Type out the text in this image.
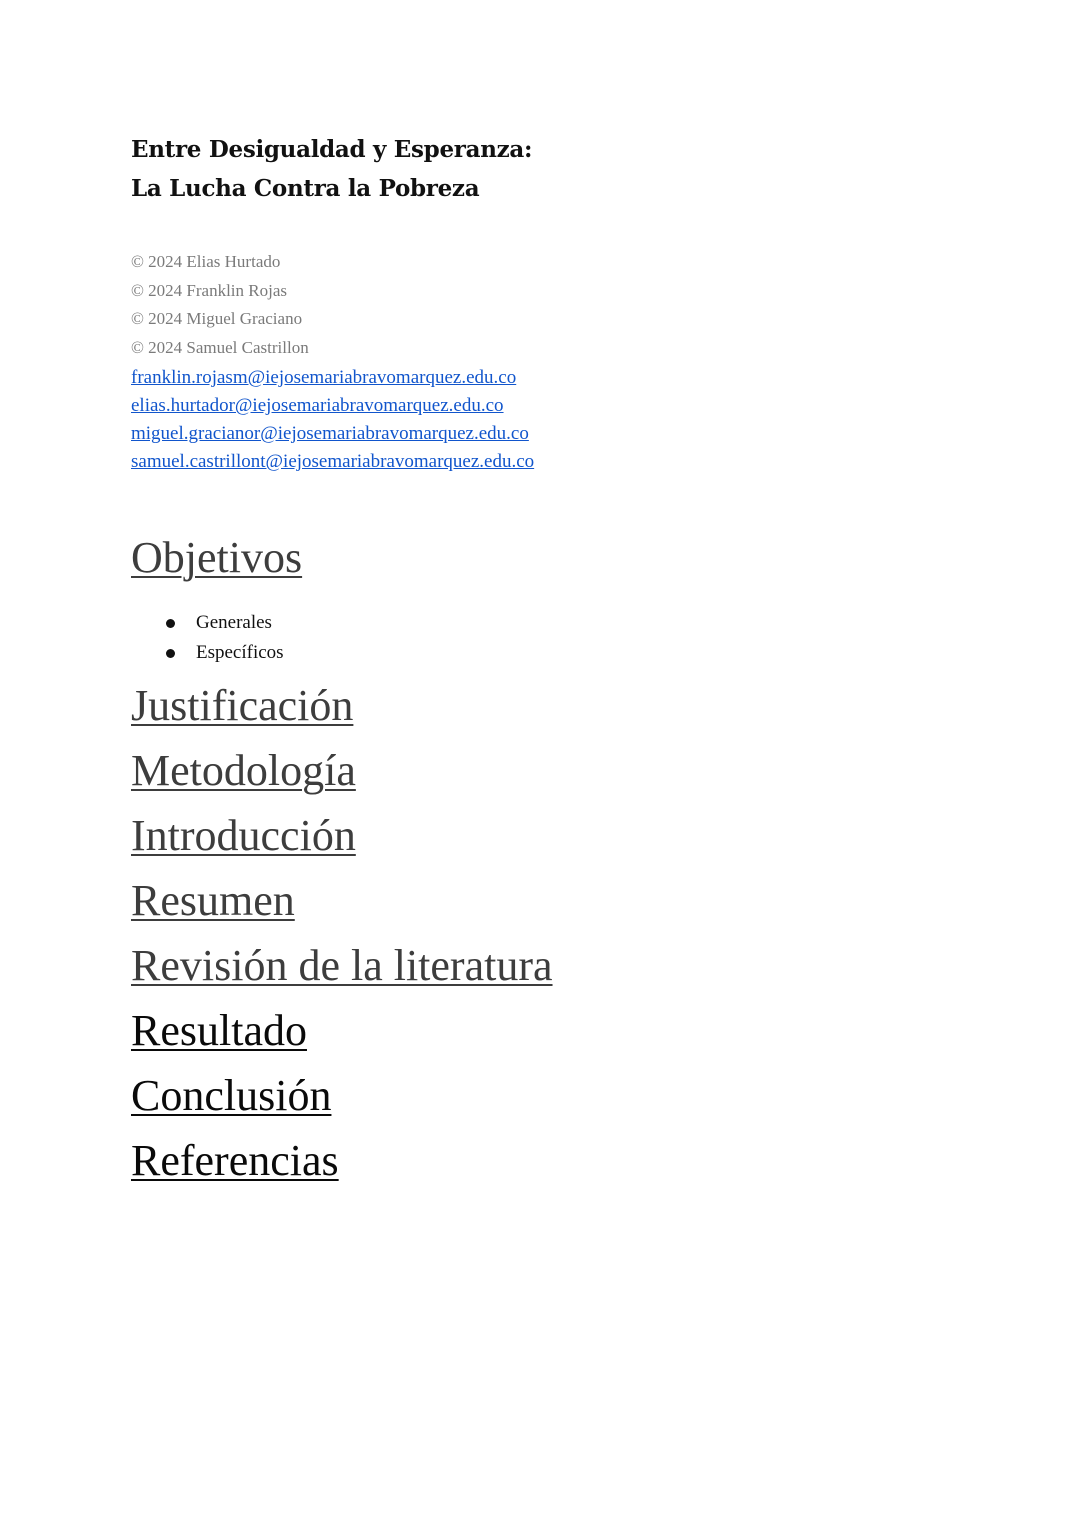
Entre Desigualdad y Esperanza:
La Lucha Contra la Pobreza
© 2024 Elias Hurtado
© 2024 Franklin Rojas
© 2024 Miguel Graciano
© 2024 Samuel Castrillon
franklin.rojasm@iejosemariabravomarquez.edu.co
elias.hurtador@iejosemariabravomarquez.edu.co
miguel.gracianor@iejosemariabravomarquez.edu.co
samuel.castrillont@iejosemariabravomarquez.edu.co
Objetivos
Generales
Específicos
Justificación
Metodología
Introducción
Resumen
Revisión de la literatura
Resultado
Conclusión
Referencias
